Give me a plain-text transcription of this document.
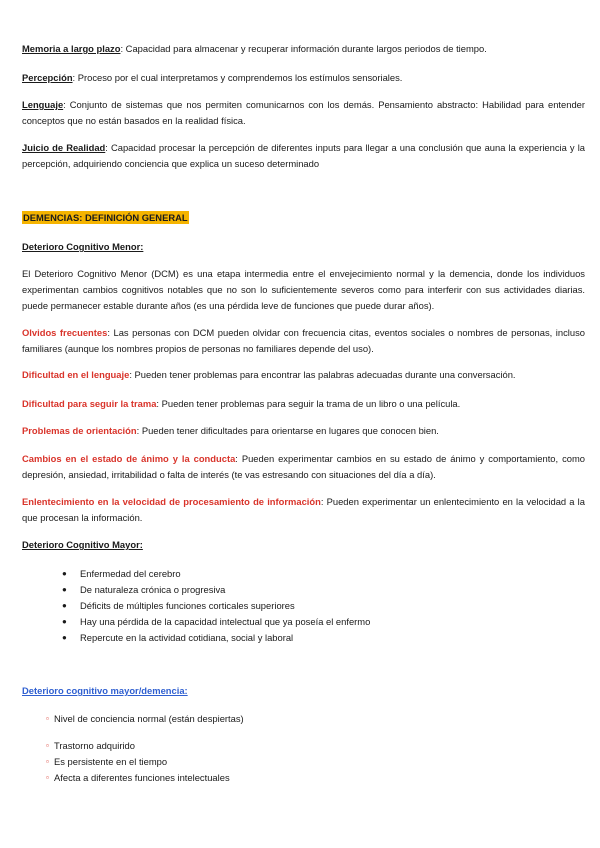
Memoria a largo plazo: Capacidad para almacenar y recuperar información durante largos periodos de tiempo.
Percepción: Proceso por el cual interpretamos y comprendemos los estímulos sensoriales.
Lenguaje: Conjunto de sistemas que nos permiten comunicarnos con los demás. Pensamiento abstracto: Habilidad para entender conceptos que no están basados en la realidad física.
Juicio de Realidad: Capacidad procesar la percepción de diferentes inputs para llegar a una conclusión que auna la experiencia y la percepción, adquiriendo conciencia que explica un suceso determinado
DEMENCIAS: DEFINICIÓN GENERAL
Deterioro Cognitivo Menor:
El Deterioro Cognitivo Menor (DCM) es una etapa intermedia entre el envejecimiento normal y la demencia, donde los individuos experimentan cambios cognitivos notables que no son lo suficientemente severos como para interferir con sus actividades diarias. puede permanecer estable durante años (es una pérdida leve de funciones que puede durar años).
Olvidos frecuentes: Las personas con DCM pueden olvidar con frecuencia citas, eventos sociales o nombres de personas, incluso familiares (aunque los nombres propios de personas no familiares depende del uso).
Dificultad en el lenguaje: Pueden tener problemas para encontrar las palabras adecuadas durante una conversación.
Dificultad para seguir la trama: Pueden tener problemas para seguir la trama de un libro o una película.
Problemas de orientación: Pueden tener dificultades para orientarse en lugares que conocen bien.
Cambios en el estado de ánimo y la conducta: Pueden experimentar cambios en su estado de ánimo y comportamiento, como depresión, ansiedad, irritabilidad o falta de interés (te vas estresando con situaciones del día a día).
Enlentecimiento en la velocidad de procesamiento de información: Pueden experimentar un enlentecimiento en la velocidad a la que procesan la información.
Deterioro Cognitivo Mayor:
● Enfermedad del cerebro
● De naturaleza crónica o progresiva
● Déficits de múltiples funciones corticales superiores
● Hay una pérdida de la capacidad intelectual que ya poseía el enfermo
● Repercute en la actividad cotidiana, social y laboral
Deterioro cognitivo mayor/demencia:
▫ Nivel de conciencia normal (están despiertas)
▫ Trastorno adquirido
▫ Es persistente en el tiempo
▫ Afecta a diferentes funciones intelectuales
